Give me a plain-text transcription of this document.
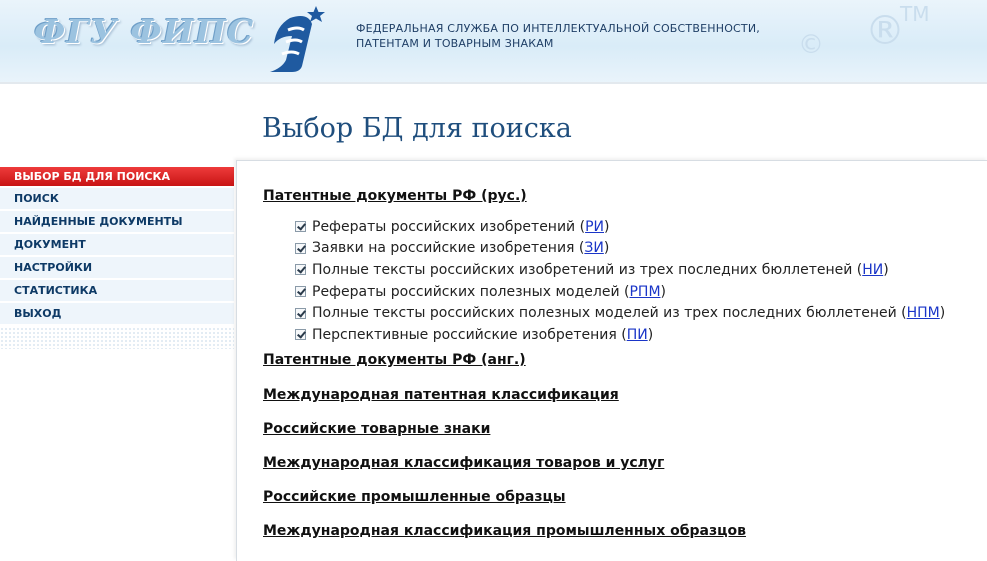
ФГУ ФИПС	ФЕДЕРАЛЬНАЯ СЛУЖБА ПО ИНТЕЛЛЕКТУАЛЬНОЙ СОБСТВЕННОСТИ,
ПАТЕНТАМ И ТОВАРНЫМ ЗНАКАМ	© ®
TM
Выбор БД для поиска
ВЫБОР БД ДЛЯ ПОИСКА
ПОИСК
НАЙДЕННЫЕ ДОКУМЕНТЫ
ДОКУМЕНТ
НАСТРОЙКИ
СТАТИСТИКА
ВЫХОД
Патентные документы РФ (рус.)
Рефераты российских изобретений ( РИ )
Заявки на российские изобретения ( ЗИ )
Полные тексты российских изобретений из трех последних бюллетеней ( НИ )
Рефераты российских полезных моделей ( РПМ )
Полные тексты российских полезных моделей из трех последних бюллетеней ( НПМ )
Перспективные российские изобретения ( ПИ )
Патентные документы РФ (анг.)
Международная патентная классификация
Российские товарные знаки
Международная классификация товаров и услуг
Российские промышленные образцы
Международная классификация промышленных образцов
